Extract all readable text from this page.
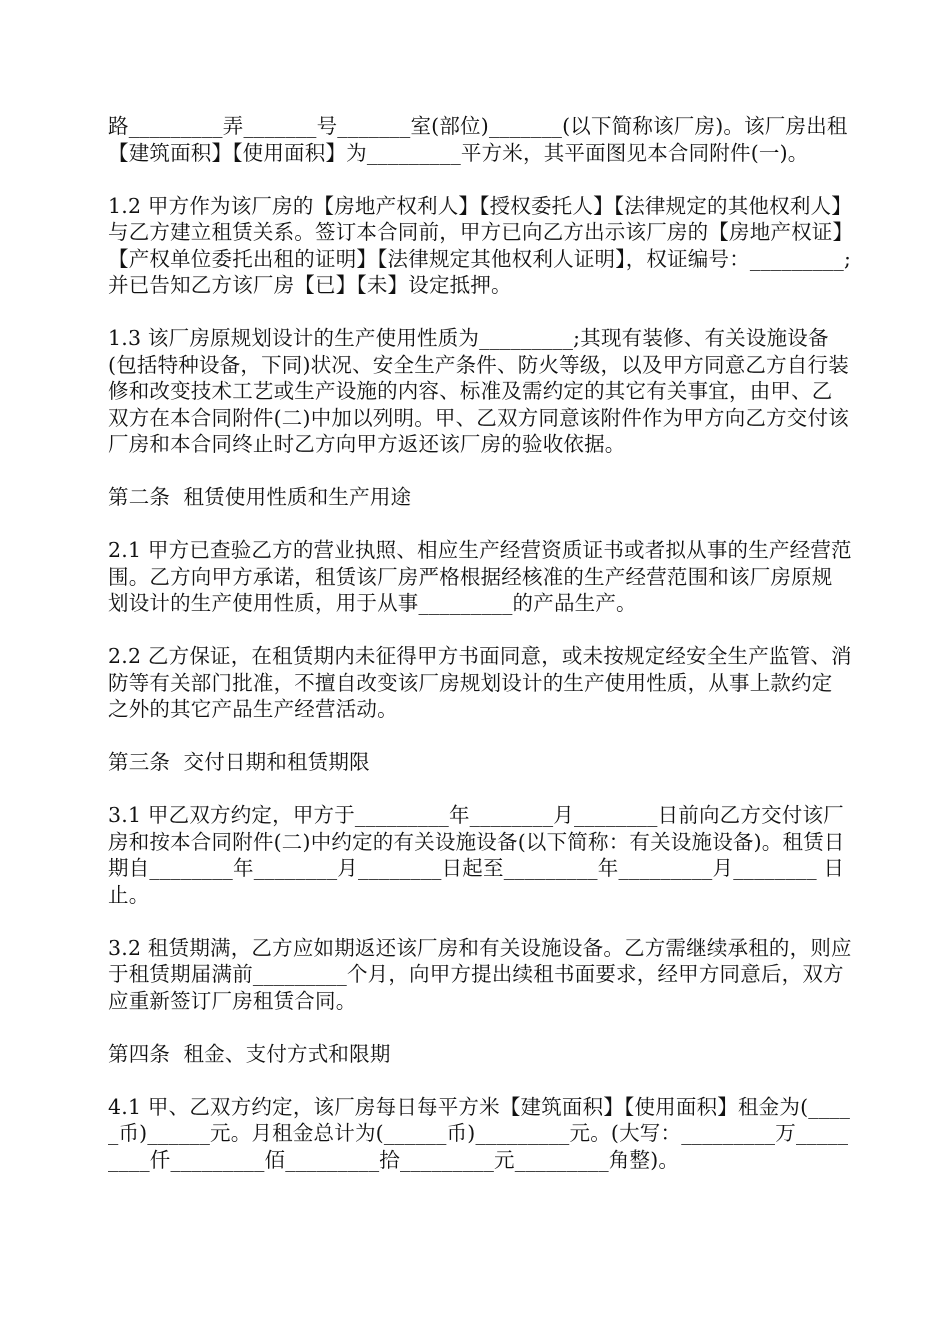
路_________弄_______号_______室(部位)_______(以下简称该厂房)。该厂房出租【建筑面积】【使用面积】为_________平方米，其平面图见本合同附件(一)。

1.2 甲方作为该厂房的【房地产权利人】【授权委托人】【法律规定的其他权利人】与乙方建立租赁关系。签订本合同前，甲方已向乙方出示该厂房的【房地产权证】【产权单位委托出租的证明】【法律规定其他权利人证明】，权证编号：_________;并已告知乙方该厂房【已】【未】设定抵押。

1.3 该厂房原规划设计的生产使用性质为_________;其现有装修、有关设施设备(包括特种设备，下同)状况、安全生产条件、防火等级，以及甲方同意乙方自行装修和改变技术工艺或生产设施的内容、标准及需约定的其它有关事宜，由甲、乙双方在本合同附件(二)中加以列明。甲、乙双方同意该附件作为甲方向乙方交付该厂房和本合同终止时乙方向甲方返还该厂房的验收依据。

第二条  租赁使用性质和生产用途

2.1 甲方已查验乙方的营业执照、相应生产经营资质证书或者拟从事的生产经营范围。乙方向甲方承诺，租赁该厂房严格根据经核准的生产经营范围和该厂房原规划设计的生产使用性质，用于从事_________的产品生产。

2.2 乙方保证，在租赁期内未征得甲方书面同意，或未按规定经安全生产监管、消防等有关部门批准，不擅自改变该厂房规划设计的生产使用性质，从事上款约定之外的其它产品生产经营活动。

第三条  交付日期和租赁期限

3.1 甲乙双方约定，甲方于_________年________月________日前向乙方交付该厂房和按本合同附件(二)中约定的有关设施设备(以下简称：有关设施设备)。租赁日期自________年________月________日起至_________年_________月________ 日止。

3.2 租赁期满，乙方应如期返还该厂房和有关设施设备。乙方需继续承租的，则应于租赁期届满前_________个月，向甲方提出续租书面要求，经甲方同意后，双方应重新签订厂房租赁合同。

第四条  租金、支付方式和限期

4.1 甲、乙双方约定，该厂房每日每平方米【建筑面积】【使用面积】租金为(_____币)______元。月租金总计为(______币)_________元。(大写：_________万_________仟_________佰_________拾_________元_________角整)。
